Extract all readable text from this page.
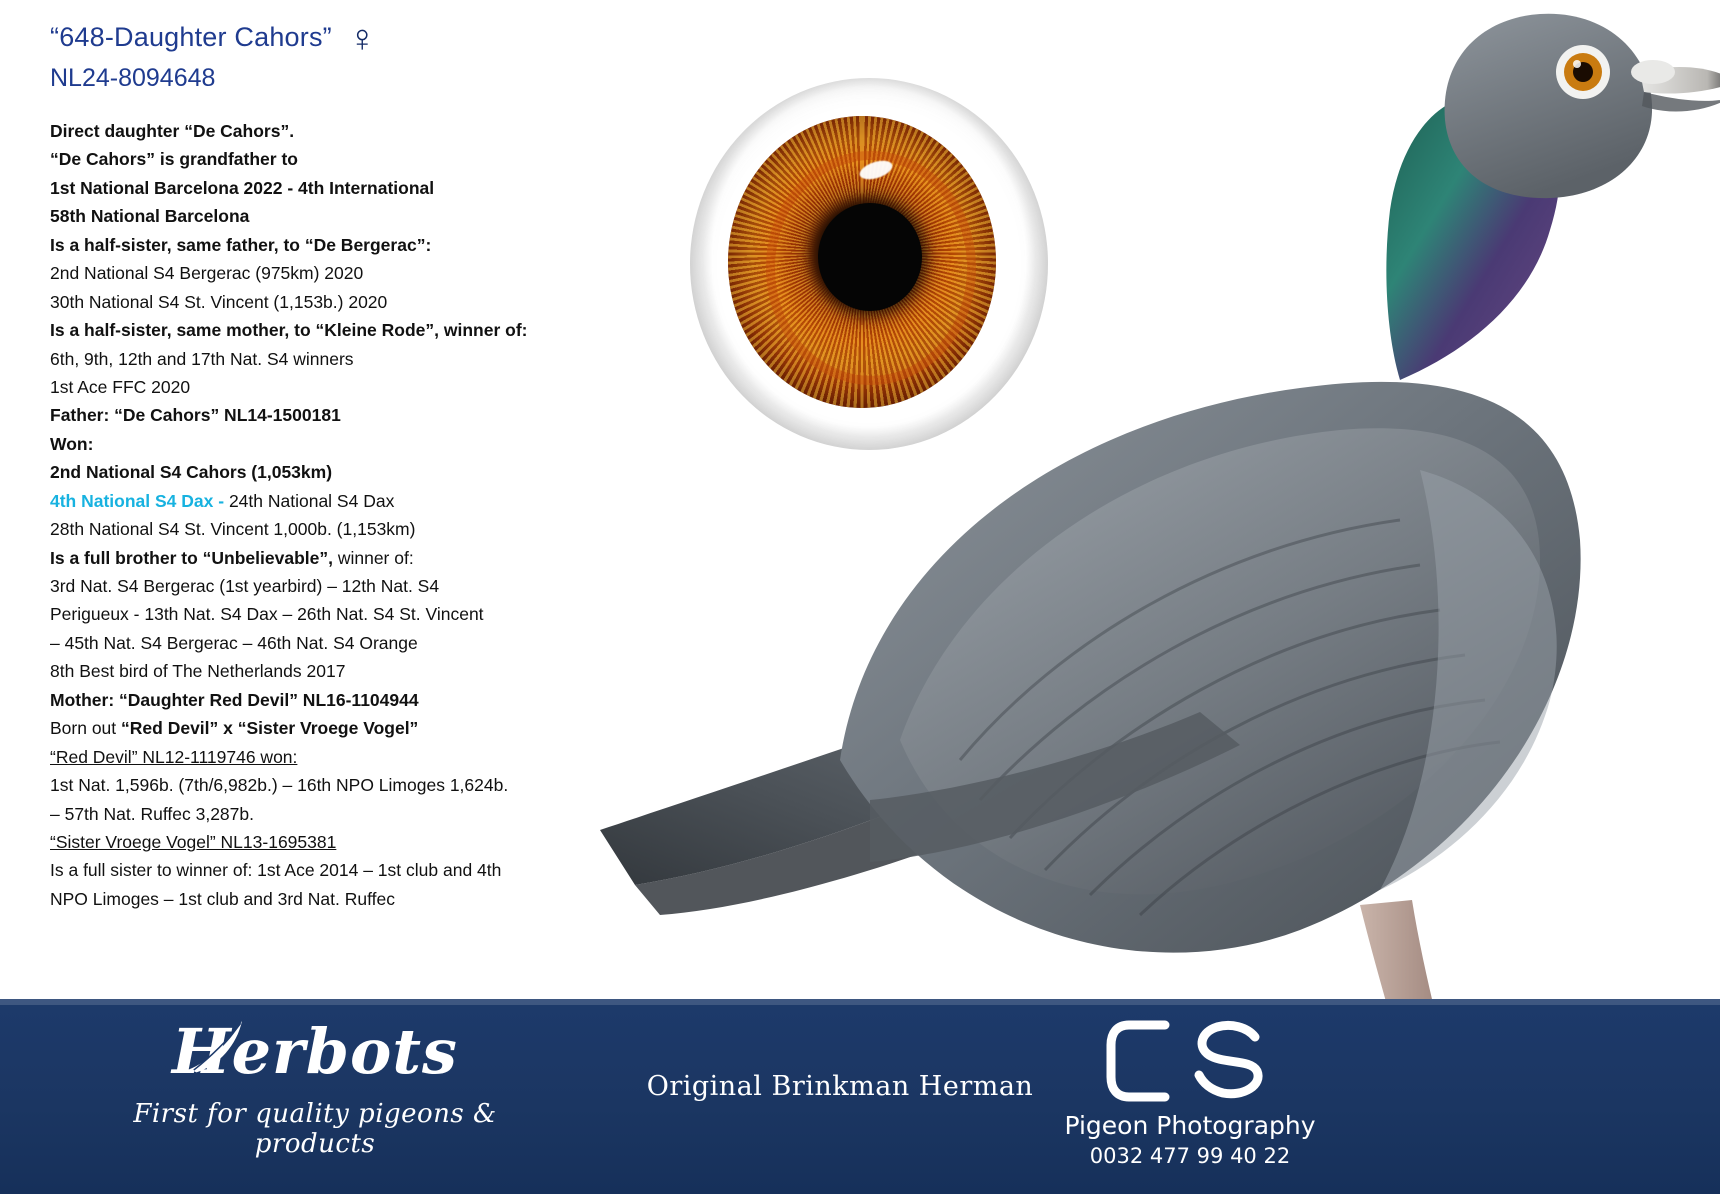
“648-Daughter Cahors” ♀
NL24-8094648

Direct daughter “De Cahors”.

“De Cahors” is grandfather to

1st National Barcelona 2022 - 4th International

58th National Barcelona

Is a half-sister, same father, to “De Bergerac”:

2nd National S4 Bergerac (975km) 2020

30th National S4 St. Vincent (1,153b.) 2020

Is a half-sister, same mother, to “Kleine Rode”, winner of:

6th, 9th, 12th and 17th Nat. S4 winners

1st Ace FFC 2020

Father: “De Cahors” NL14-1500181

Won:

2nd National S4 Cahors (1,053km)

4th National S4 Dax - 24th National S4 Dax

28th National S4 St. Vincent 1,000b. (1,153km)

Is a full brother to “Unbelievable”, winner of:

3rd Nat. S4 Bergerac (1st yearbird) – 12th Nat. S4

Perigueux - 13th Nat. S4 Dax – 26th Nat. S4 St. Vincent

– 45th Nat. S4 Bergerac – 46th Nat. S4 Orange

8th Best bird of The Netherlands 2017

Mother: “Daughter Red Devil” NL16-1104944

Born out “Red Devil” x “Sister Vroege Vogel”

“Red Devil” NL12-1119746 won:

1st Nat. 1,596b. (7th/6,982b.) – 16th NPO Limoges 1,624b.

– 57th Nat. Ruffec 3,287b.

“Sister Vroege Vogel” NL13-1695381

Is a full sister to winner of: 1st Ace 2014 – 1st club and 4th

NPO Limoges – 1st club and 3rd Nat. Ruffec

Herbots
First for quality pigeons & products
Original Brinkman Herman
Pigeon Photography
0032 477 99 40 22
